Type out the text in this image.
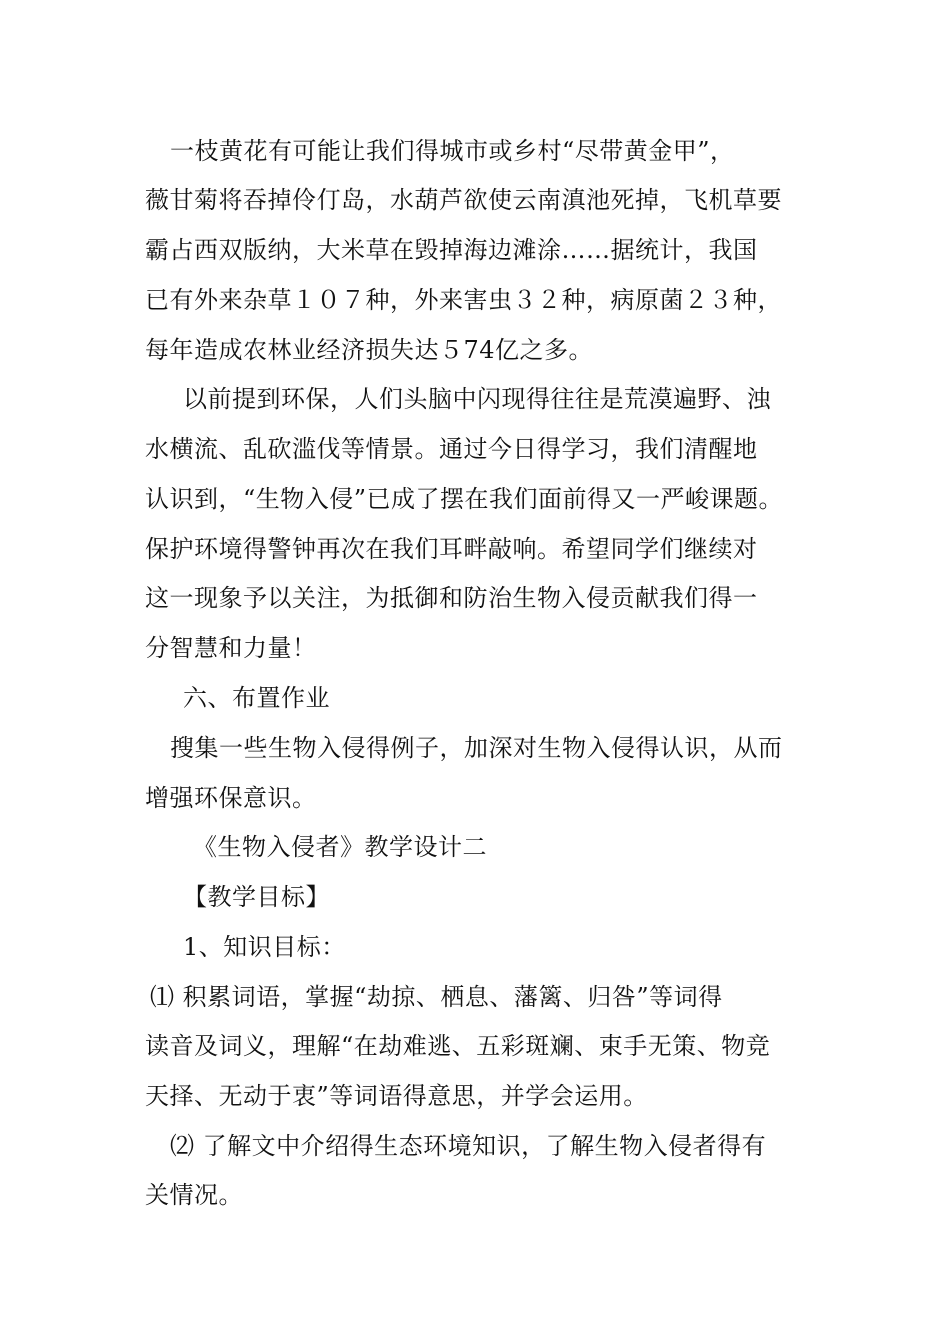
一枝黄花有可能让我们得城市或乡村“尽带黄金甲”，
薇甘菊将吞掉伶仃岛，水葫芦欲使云南滇池死掉，飞机草要
霸占西双版纳，大米草在毁掉海边滩涂……据统计，我国
已有外来杂草１０７种，外来害虫３２种，病原菌２３种，
每年造成农林业经济损失达５74亿之多。
以前提到环保，人们头脑中闪现得往往是荒漠遍野、浊
水横流、乱砍滥伐等情景。通过今日得学习，我们清醒地
认识到，“生物入侵”已成了摆在我们面前得又一严峻课题。
保护环境得警钟再次在我们耳畔敲响。希望同学们继续对
这一现象予以关注，为抵御和防治生物入侵贡献我们得一
分智慧和力量！
六、布置作业
搜集一些生物入侵得例子，加深对生物入侵得认识，从而
增强环保意识。
《生物入侵者》教学设计二
【教学目标】
1、知识目标：
⑴ 积累词语，掌握“劫掠、栖息、藩篱、归咎”等词得
读音及词义，理解“在劫难逃、五彩斑斓、束手无策、物竞
天择、无动于衷”等词语得意思，并学会运用。
⑵ 了解文中介绍得生态环境知识，了解生物入侵者得有
关情况。
